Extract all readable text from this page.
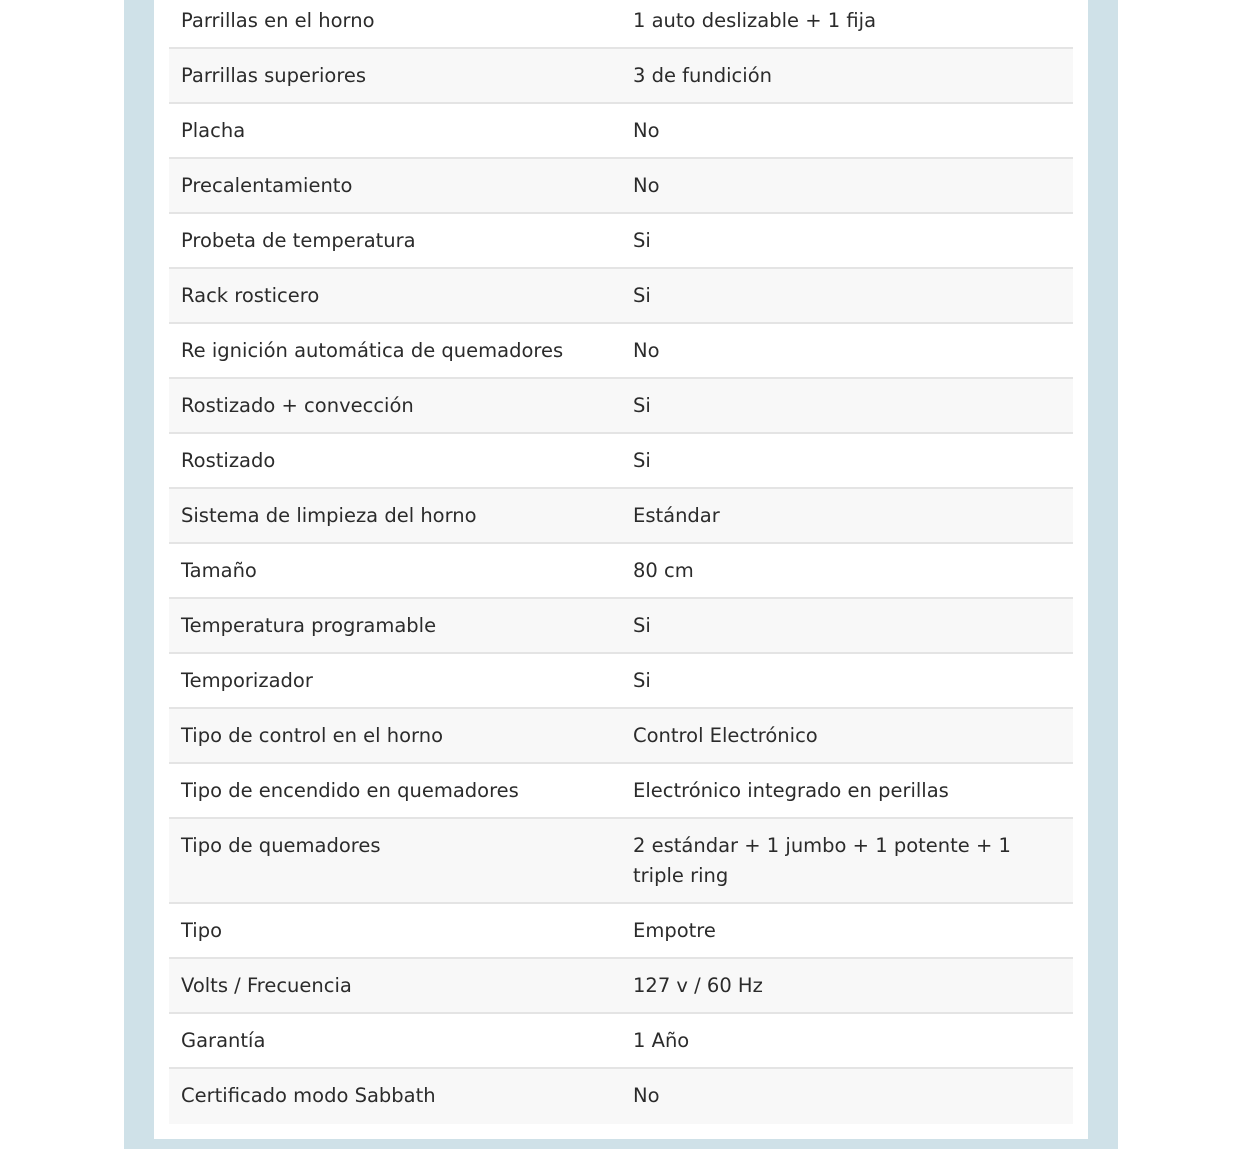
Parrillas en el horno	1 auto deslizable + 1 fija
Parrillas superiores	3 de fundición
Placha	No
Precalentamiento	No
Probeta de temperatura	Si
Rack rosticero	Si
Re ignición automática de quemadores	No
Rostizado + convección	Si
Rostizado	Si
Sistema de limpieza del horno	Estándar
Tamaño	80 cm
Temperatura programable	Si
Temporizador	Si
Tipo de control en el horno	Control Electrónico
Tipo de encendido en quemadores	Electrónico integrado en perillas
Tipo de quemadores	2 estándar + 1 jumbo + 1 potente + 1 triple ring
Tipo	Empotre
Volts / Frecuencia	127 v / 60 Hz
Garantía	1 Año
Certificado modo Sabbath	No
